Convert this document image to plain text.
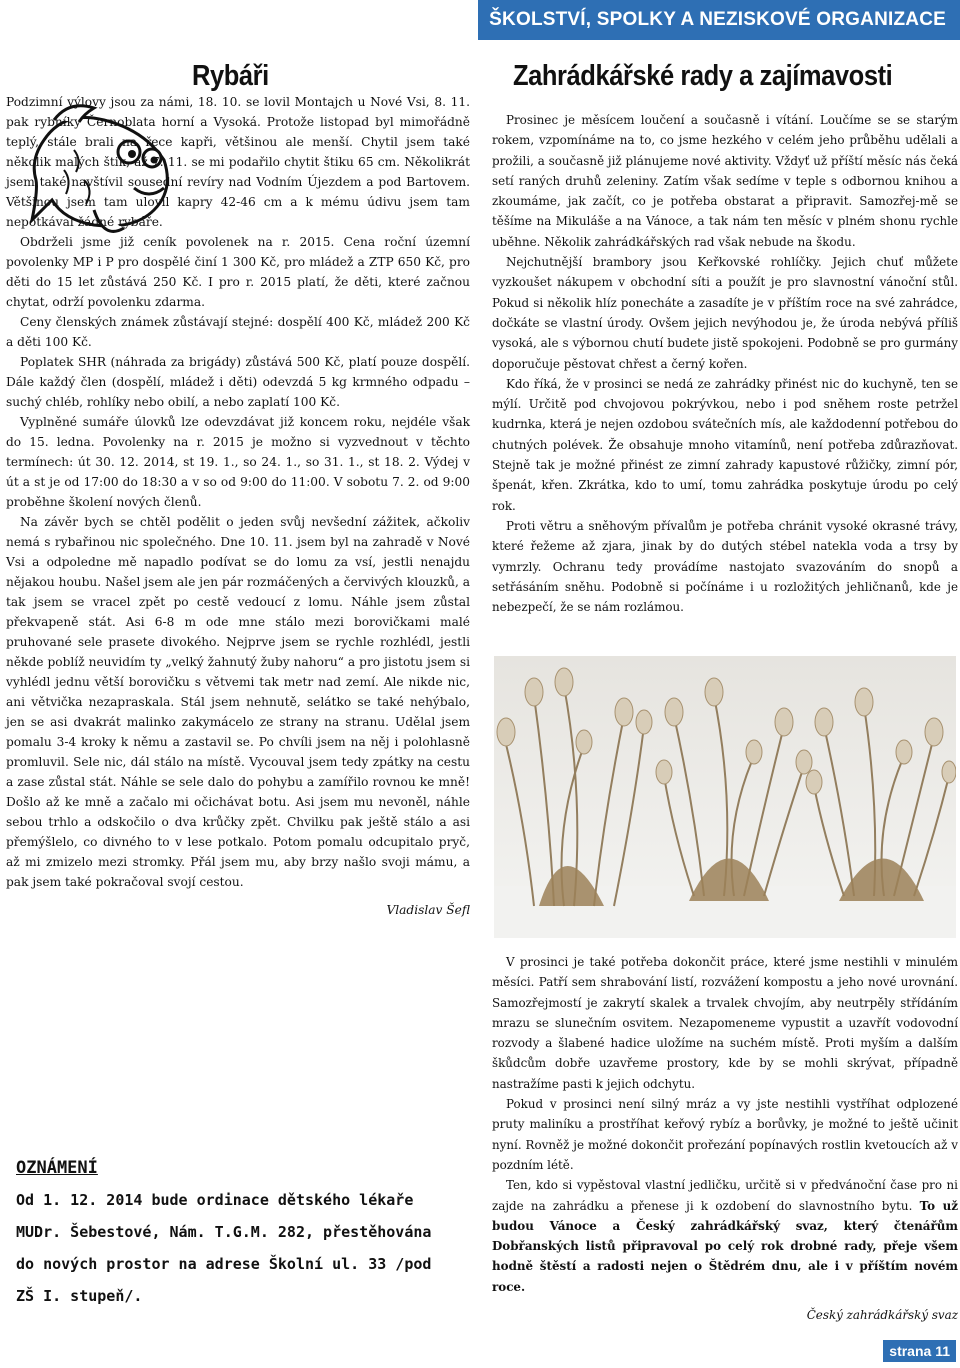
ŠKOLSTVÍ, SPOLKY A NEZISKOVÉ ORGANIZACE
Rybáři	Zahrádkářské rady a zajímavosti

Podzimní výlovy jsou za námi, 18. 10. se lovil Montajch u Nové Vsi, 8. 11. pak rybníky Černoblata horní a Vysoká. Protože listopad byl mimořádně teplý, stále brali na řece kapři, většinou ale menší. Chytil jsem také několik malých štik, až 7. 11. se mi podařilo chytit štiku 65 cm. Několikrát jsem také navštívil sousední revíry nad Vodním Újezdem a pod Bartovem. Většinou jsem tam ulovil kapry 42-46 cm a k mému údivu jsem tam nepotkával žádné rybáře.

Obdrželi jsme již ceník povolenek na r. 2015. Cena roční územní povolenky MP i P pro dospělé činí 1 300 Kč, pro mládež a ZTP 650 Kč, pro děti do 15 let zůstává 250 Kč. I pro r. 2015 platí, že děti, které začnou chytat, održí povolenku zdarma.

Ceny členských známek zůstávají stejné: dospělí 400 Kč, mládež 200 Kč a děti 100 Kč.

Poplatek SHR (náhrada za brigády) zůstává 500 Kč, platí pouze dospělí. Dále každý člen (dospělí, mládež i děti) odevzdá 5 kg krmného odpadu – suchý chléb, rohlíky nebo obilí, a nebo zaplatí 100 Kč.

Vyplněné sumáře úlovků lze odevzdávat již koncem roku, nejdéle však do 15. ledna. Povolenky na r. 2015 je možno si vyzvednout v těchto termínech: út 30. 12. 2014, st 19. 1., so 24. 1., so 31. 1., st 18. 2. Výdej v út a st je od 17:00 do 18:30 a v so od 9:00 do 11:00. V sobotu 7. 2. od 9:00 proběhne školení nových členů.

Na závěr bych se chtěl podělit o jeden svůj nevšední zážitek, ačkoliv nemá s rybařinou nic společného. Dne 10. 11. jsem byl na zahradě v Nové Vsi a odpoledne mě napadlo podívat se do lomu za vsí, jestli nenajdu nějakou houbu. Našel jsem ale jen pár rozmáčených a červivých klouzků, a tak jsem se vracel zpět po cestě vedoucí z lomu. Náhle jsem zůstal překvapeně stát. Asi 6-8 m ode mne stálo mezi borovičkami malé pruhované sele prasete divokého. Nejprve jsem se rychle rozhlédl, jestli někde poblíž neuvidím ty „velký žahnutý žuby nahoru“ a pro jistotu jsem si vyhlédl jednu větší borovičku s větvemi tak metr nad zemí. Ale nikde nic, ani větvička nezapraskala. Stál jsem nehnutě, selátko se také nehýbalo, jen se asi dvakrát malinko zakymácelo ze strany na stranu. Udělal jsem pomalu 3-4 kroky k němu a zastavil se. Po chvíli jsem na něj i polohlasně promluvil. Sele nic, dál stálo na místě. Vycouval jsem tedy zpátky na cestu a zase zůstal stát. Náhle se sele dalo do pohybu a zamířilo rovnou ke mně! Došlo až ke mně a začalo mi očichávat botu. Asi jsem mu nevoněl, náhle sebou trhlo a odskočilo o dva krůčky zpět. Chvilku pak ještě stálo a asi přemýšlelo, co divného to v lese potkalo. Potom pomalu odcupitalo pryč, až mi zmizelo mezi stromky. Přál jsem mu, aby brzy našlo svoji mámu, a pak jsem také pokračoval svojí cestou.

Vladislav Šefl
OZNÁMENÍ
Od 1. 12. 2014 bude ordinace dětského lékaře MUDr. Šebestové, Nám. T.G.M. 282, přestěhována do nových prostor na adrese Školní ul. 33 /pod ZŠ I. stupeň/.

Prosinec je měsícem loučení a současně i vítání. Loučíme se se starým rokem, vzpomínáme na to, co jsme hezkého v celém jeho průběhu udělali a prožili, a současně již plánujeme nové aktivity. Vždyť už příští měsíc nás čeká setí raných druhů zeleniny. Zatím však sedíme v teple s odbornou knihou a zkoumáme, jak začít, co je potřeba obstarat a připravit. Samozřej-mě se těšíme na Mikuláše a na Vánoce, a tak nám ten měsíc v plném shonu rychle uběhne. Několik zahrádkářských rad však nebude na škodu.

Nejchutnější brambory jsou Keřkovské rohlíčky. Jejich chuť můžete vyzkoušet nákupem v obchodní síti a použít je pro slavnostní vánoční stůl. Pokud si několik hlíz ponecháte a zasadíte je v příštím roce na své zahrádce, dočkáte se vlastní úrody. Ovšem jejich nevýhodou je, že úroda nebývá příliš vysoká, ale s výbornou chutí budete jistě spokojeni. Podobně se pro gurmány doporučuje pěstovat chřest a černý kořen.

Kdo říká, že v prosinci se nedá ze zahrádky přinést nic do kuchyně, ten se mýlí. Určitě pod chvojovou pokrývkou, nebo i pod sněhem roste petržel kudrnka, která je nejen ozdobou svátečních mís, ale každodenní potřebou do chutných polévek. Že obsahuje mnoho vitamínů, není potřeba zdůrazňovat. Stejně tak je možné přinést ze zimní zahrady kapustové růžičky, zimní pór, špenát, křen. Zkrátka, kdo to umí, tomu zahrádka poskytuje úrodu po celý rok.

Proti větru a sněhovým přívalům je potřeba chránit vysoké okrasné trávy, které řežeme až zjara, jinak by do dutých stébel natekla voda a trsy by vymrzly. Ochranu tedy provádíme nastojato svazováním do snopů a setřásáním sněhu. Podobně si počínáme i u rozložitých jehličnanů, kde je nebezpečí, že se nám rozlámou.

V prosinci je také potřeba dokončit práce, které jsme nestihli v minulém měsíci. Patří sem shrabování listí, rozvážení kompostu a jeho nové urovnání. Samozřejmostí je zakrytí skalek a trvalek chvojím, aby neutrpěly střídáním mrazu se slunečním osvitem. Nezapomeneme vypustit a uzavřít vodovodní rozvody a šlabené hadice uložíme na suchém místě. Proti myším a dalším škůdcům dobře uzavřeme prostory, kde by se mohli skrývat, případně nastražíme pasti k jejich odchytu.

Pokud v prosinci není silný mráz a vy jste nestihli vystříhat odplozené pruty maliníku a prostříhat keřový rybíz a borůvky, je možné to ještě učinit nyní. Rovněž je možné dokončit prořezání popínavých rostlin kvetoucích až v pozdním létě.

Ten, kdo si vypěstoval vlastní jedličku, určitě si v předvánoční čase pro ni zajde na zahrádku a přenese ji k ozdobení do slavnostního bytu. To už budou Vánoce a Český zahrádkářský svaz, který čtenářům Dobřanských listů připravoval po celý rok drobné rady, přeje všem hodně štěstí a radosti nejen o Štědrém dnu, ale i v příštím novém roce.

Český zahrádkářský svaz
strana 11
